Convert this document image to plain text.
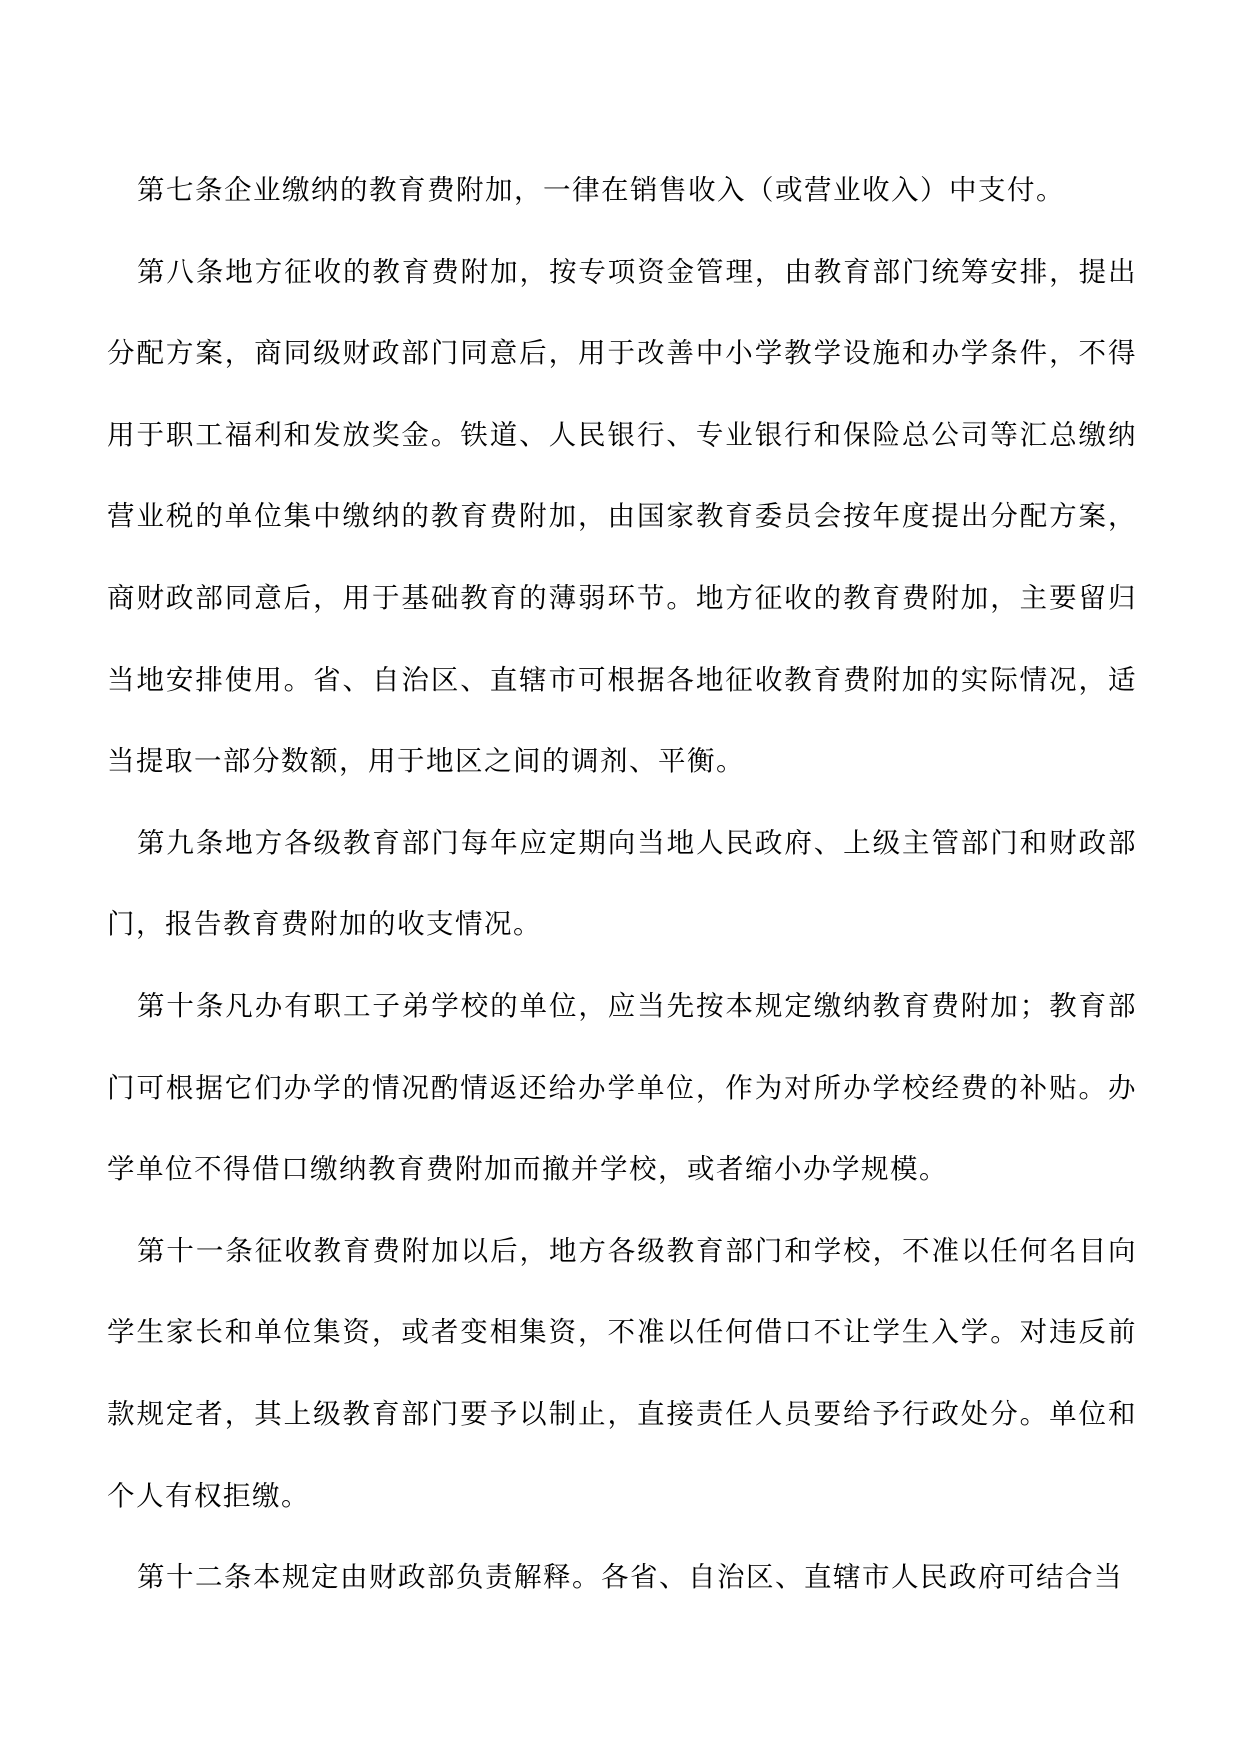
第七条企业缴纳的教育费附加，一律在销售收入（或营业收入）中支付。

第八条地方征收的教育费附加，按专项资金管理，由教育部门统筹安排，提出分配方案，商同级财政部门同意后，用于改善中小学教学设施和办学条件，不得用于职工福利和发放奖金。铁道、人民银行、专业银行和保险总公司等汇总缴纳营业税的单位集中缴纳的教育费附加，由国家教育委员会按年度提出分配方案，商财政部同意后，用于基础教育的薄弱环节。地方征收的教育费附加，主要留归当地安排使用。省、自治区、直辖市可根据各地征收教育费附加的实际情况，适当提取一部分数额，用于地区之间的调剂、平衡。

第九条地方各级教育部门每年应定期向当地人民政府、上级主管部门和财政部门，报告教育费附加的收支情况。

第十条凡办有职工子弟学校的单位，应当先按本规定缴纳教育费附加；教育部门可根据它们办学的情况酌情返还给办学单位，作为对所办学校经费的补贴。办学单位不得借口缴纳教育费附加而撤并学校，或者缩小办学规模。

第十一条征收教育费附加以后，地方各级教育部门和学校，不准以任何名目向学生家长和单位集资，或者变相集资，不准以任何借口不让学生入学。对违反前款规定者，其上级教育部门要予以制止，直接责任人员要给予行政处分。单位和个人有权拒缴。

第十二条本规定由财政部负责解释。各省、自治区、直辖市人民政府可结合当
